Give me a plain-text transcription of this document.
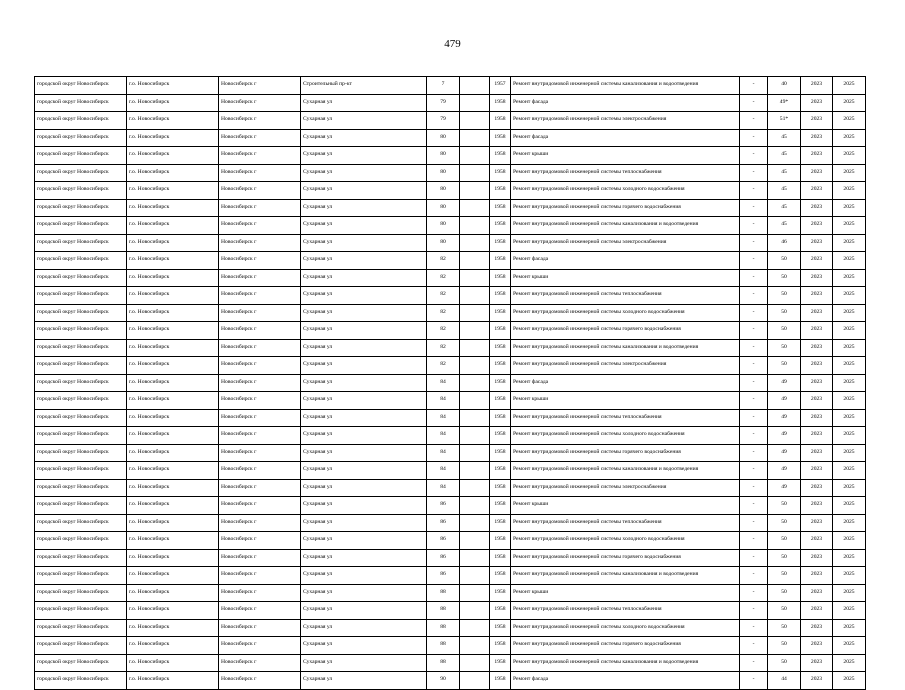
479
городской округ Новосибирск	г.о. Новосибирск	Новосибирск г	Строительный пр-кт	7		1957	Ремонт внутридомовой инженерной системы канализования и водоотведения	-	40	2023	2025
городской округ Новосибирск	г.о. Новосибирск	Новосибирск г	Сухарная ул	79		1958	Ремонт фасада	-	49*	2023	2025
городской округ Новосибирск	г.о. Новосибирск	Новосибирск г	Сухарная ул	79		1958	Ремонт внутридомовой инженерной системы электроснабжения	-	51*	2023	2025
городской округ Новосибирск	г.о. Новосибирск	Новосибирск г	Сухарная ул	80		1958	Ремонт фасада	-	45	2023	2025
городской округ Новосибирск	г.о. Новосибирск	Новосибирск г	Сухарная ул	80		1958	Ремонт крыши	-	45	2023	2025
городской округ Новосибирск	г.о. Новосибирск	Новосибирск г	Сухарная ул	80		1958	Ремонт внутридомовой инженерной системы теплоснабжения	-	45	2023	2025
городской округ Новосибирск	г.о. Новосибирск	Новосибирск г	Сухарная ул	80		1958	Ремонт внутридомовой инженерной системы холодного водоснабжения	-	45	2023	2025
городской округ Новосибирск	г.о. Новосибирск	Новосибирск г	Сухарная ул	80		1958	Ремонт внутридомовой инженерной системы горячего водоснабжения	-	45	2023	2025
городской округ Новосибирск	г.о. Новосибирск	Новосибирск г	Сухарная ул	80		1958	Ремонт внутридомовой инженерной системы канализования и водоотведения	-	45	2023	2025
городской округ Новосибирск	г.о. Новосибирск	Новосибирск г	Сухарная ул	80		1958	Ремонт внутридомовой инженерной системы электроснабжения	-	46	2023	2025
городской округ Новосибирск	г.о. Новосибирск	Новосибирск г	Сухарная ул	82		1958	Ремонт фасада	-	50	2023	2025
городской округ Новосибирск	г.о. Новосибирск	Новосибирск г	Сухарная ул	82		1958	Ремонт крыши	-	50	2023	2025
городской округ Новосибирск	г.о. Новосибирск	Новосибирск г	Сухарная ул	82		1958	Ремонт внутридомовой инженерной системы теплоснабжения	-	50	2023	2025
городской округ Новосибирск	г.о. Новосибирск	Новосибирск г	Сухарная ул	82		1958	Ремонт внутридомовой инженерной системы холодного водоснабжения	-	50	2023	2025
городской округ Новосибирск	г.о. Новосибирск	Новосибирск г	Сухарная ул	82		1958	Ремонт внутридомовой инженерной системы горячего водоснабжения	-	50	2023	2025
городской округ Новосибирск	г.о. Новосибирск	Новосибирск г	Сухарная ул	82		1958	Ремонт внутридомовой инженерной системы канализования и водоотведения	-	50	2023	2025
городской округ Новосибирск	г.о. Новосибирск	Новосибирск г	Сухарная ул	82		1958	Ремонт внутридомовой инженерной системы электроснабжения	-	50	2023	2025
городской округ Новосибирск	г.о. Новосибирск	Новосибирск г	Сухарная ул	84		1958	Ремонт фасада	-	49	2023	2025
городской округ Новосибирск	г.о. Новосибирск	Новосибирск г	Сухарная ул	84		1958	Ремонт крыши	-	49	2023	2025
городской округ Новосибирск	г.о. Новосибирск	Новосибирск г	Сухарная ул	84		1958	Ремонт внутридомовой инженерной системы теплоснабжения	-	49	2023	2025
городской округ Новосибирск	г.о. Новосибирск	Новосибирск г	Сухарная ул	84		1958	Ремонт внутридомовой инженерной системы холодного водоснабжения	-	49	2023	2025
городской округ Новосибирск	г.о. Новосибирск	Новосибирск г	Сухарная ул	84		1958	Ремонт внутридомовой инженерной системы горячего водоснабжения	-	49	2023	2025
городской округ Новосибирск	г.о. Новосибирск	Новосибирск г	Сухарная ул	84		1958	Ремонт внутридомовой инженерной системы канализования и водоотведения	-	49	2023	2025
городской округ Новосибирск	г.о. Новосибирск	Новосибирск г	Сухарная ул	84		1958	Ремонт внутридомовой инженерной системы электроснабжения	-	49	2023	2025
городской округ Новосибирск	г.о. Новосибирск	Новосибирск г	Сухарная ул	86		1958	Ремонт крыши	-	50	2023	2025
городской округ Новосибирск	г.о. Новосибирск	Новосибирск г	Сухарная ул	86		1958	Ремонт внутридомовой инженерной системы теплоснабжения	-	50	2023	2025
городской округ Новосибирск	г.о. Новосибирск	Новосибирск г	Сухарная ул	86		1958	Ремонт внутридомовой инженерной системы холодного водоснабжения	-	50	2023	2025
городской округ Новосибирск	г.о. Новосибирск	Новосибирск г	Сухарная ул	86		1958	Ремонт внутридомовой инженерной системы горячего водоснабжения	-	50	2023	2025
городской округ Новосибирск	г.о. Новосибирск	Новосибирск г	Сухарная ул	86		1958	Ремонт внутридомовой инженерной системы канализования и водоотведения	-	50	2023	2025
городской округ Новосибирск	г.о. Новосибирск	Новосибирск г	Сухарная ул	88		1958	Ремонт крыши	-	50	2023	2025
городской округ Новосибирск	г.о. Новосибирск	Новосибирск г	Сухарная ул	88		1958	Ремонт внутридомовой инженерной системы теплоснабжения	-	50	2023	2025
городской округ Новосибирск	г.о. Новосибирск	Новосибирск г	Сухарная ул	88		1958	Ремонт внутридомовой инженерной системы холодного водоснабжения	-	50	2023	2025
городской округ Новосибирск	г.о. Новосибирск	Новосибирск г	Сухарная ул	88		1958	Ремонт внутридомовой инженерной системы горячего водоснабжения	-	50	2023	2025
городской округ Новосибирск	г.о. Новосибирск	Новосибирск г	Сухарная ул	88		1958	Ремонт внутридомовой инженерной системы канализования и водоотведения	-	50	2023	2025
городской округ Новосибирск	г.о. Новосибирск	Новосибирск г	Сухарная ул	90		1958	Ремонт фасада	-	44	2023	2025
